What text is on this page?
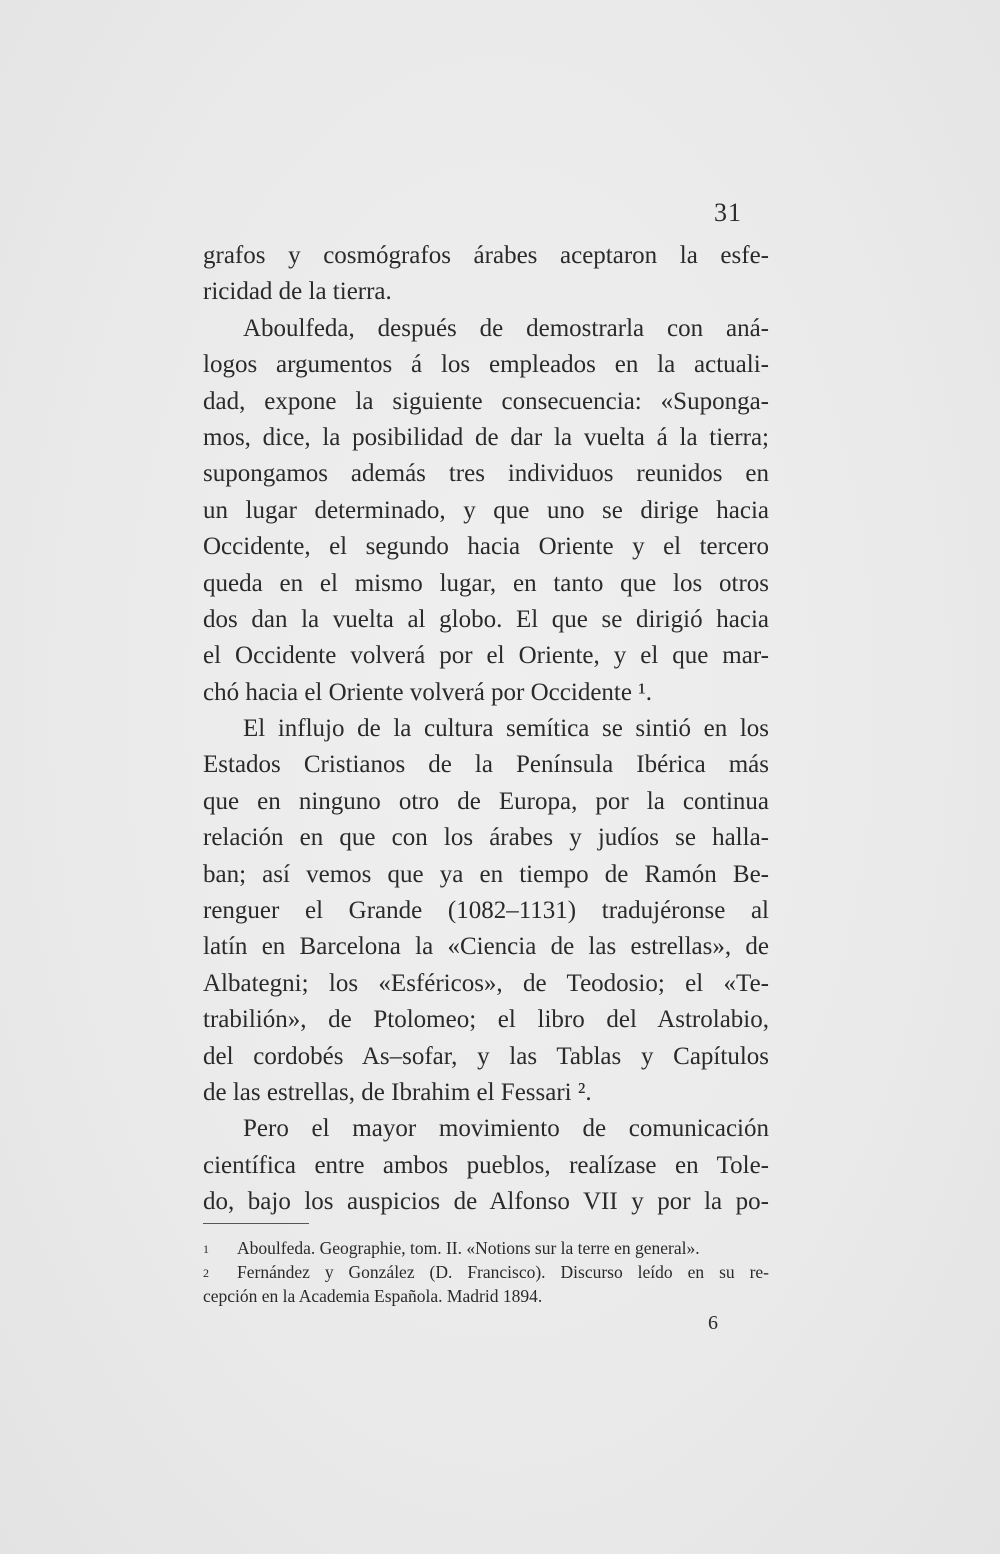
31
grafos y cosmógrafos árabes aceptaron la esfe-
ricidad de la tierra.
Aboulfeda, después de demostrarla con aná-
logos argumentos á los empleados en la actuali-
dad, expone la siguiente consecuencia: «Suponga-
mos, dice, la posibilidad de dar la vuelta á la tierra;
supongamos además tres individuos reunidos en
un lugar determinado, y que uno se dirige hacia
Occidente, el segundo hacia Oriente y el tercero
queda en el mismo lugar, en tanto que los otros
dos dan la vuelta al globo. El que se dirigió hacia
el Occidente volverá por el Oriente, y el que mar-
chó hacia el Oriente volverá por Occidente ¹.
El influjo de la cultura semítica se sintió en los
Estados Cristianos de la Península Ibérica más
que en ninguno otro de Europa, por la continua
relación en que con los árabes y judíos se halla-
ban; así vemos que ya en tiempo de Ramón Be-
renguer el Grande (1082–1131) tradujéronse al
latín en Barcelona la «Ciencia de las estrellas», de
Albategni; los «Esféricos», de Teodosio; el «Te-
trabilión», de Ptolomeo; el libro del Astrolabio,
del cordobés As–sofar, y las Tablas y Capítulos
de las estrellas, de Ibrahim el Fessari ².
Pero el mayor movimiento de comunicación
científica entre ambos pueblos, realízase en Tole-
do, bajo los auspicios de Alfonso VII y por la po-
1 Aboulfeda. Geographie, tom. II. «Notions sur la terre en general».
2 Fernández y González (D. Francisco). Discurso leído en su re-
cepción en la Academia Española. Madrid 1894.
6
